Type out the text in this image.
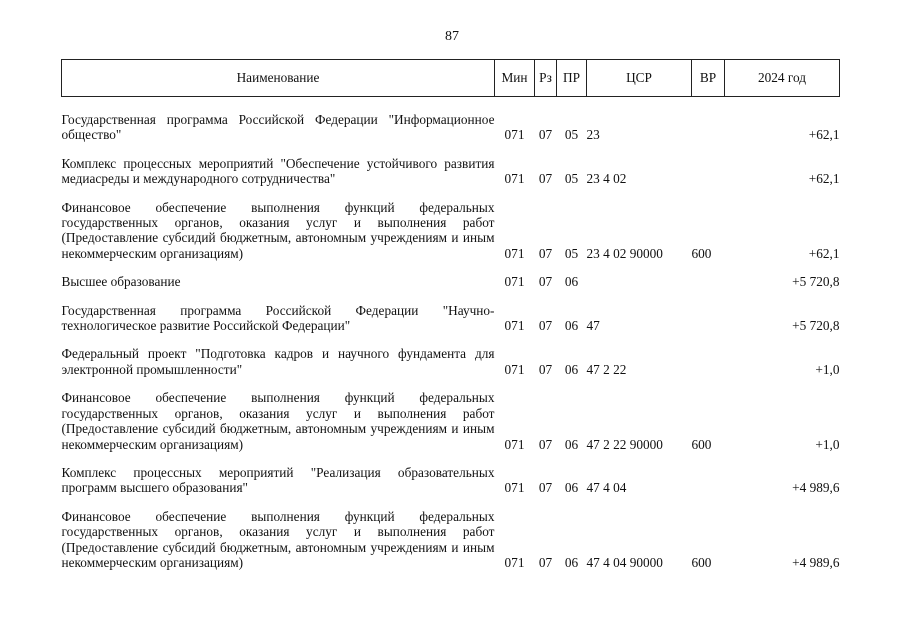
87
Наименование	Мин	Рз	ПР	ЦСР	ВР	2024 год
Государственная программа Российской Федерации "Информационное общество"	071	07	05	23		+62,1
Комплекс процессных мероприятий "Обеспечение устойчивого развития медиасреды и международного сотрудничества"	071	07	05	23 4 02		+62,1
Финансовое обеспечение выполнения функций федеральных государственных органов, оказания услуг и выполнения работ (Предоставление субсидий бюджетным, автономным учреждениям и иным некоммерческим организациям)	071	07	05	23 4 02 90000	600	+62,1
Высшее образование	071	07	06			+5 720,8
Государственная программа Российской Федерации "Научно-технологическое развитие Российской Федерации"	071	07	06	47		+5 720,8
Федеральный проект "Подготовка кадров и научного фундамента для электронной промышленности"	071	07	06	47 2 22		+1,0
Финансовое обеспечение выполнения функций федеральных государственных органов, оказания услуг и выполнения работ (Предоставление субсидий бюджетным, автономным учреждениям и иным некоммерческим организациям)	071	07	06	47 2 22 90000	600	+1,0
Комплекс процессных мероприятий "Реализация образовательных программ высшего образования"	071	07	06	47 4 04		+4 989,6
Финансовое обеспечение выполнения функций федеральных государственных органов, оказания услуг и выполнения работ (Предоставление субсидий бюджетным, автономным учреждениям и иным некоммерческим организациям)	071	07	06	47 4 04 90000	600	+4 989,6
